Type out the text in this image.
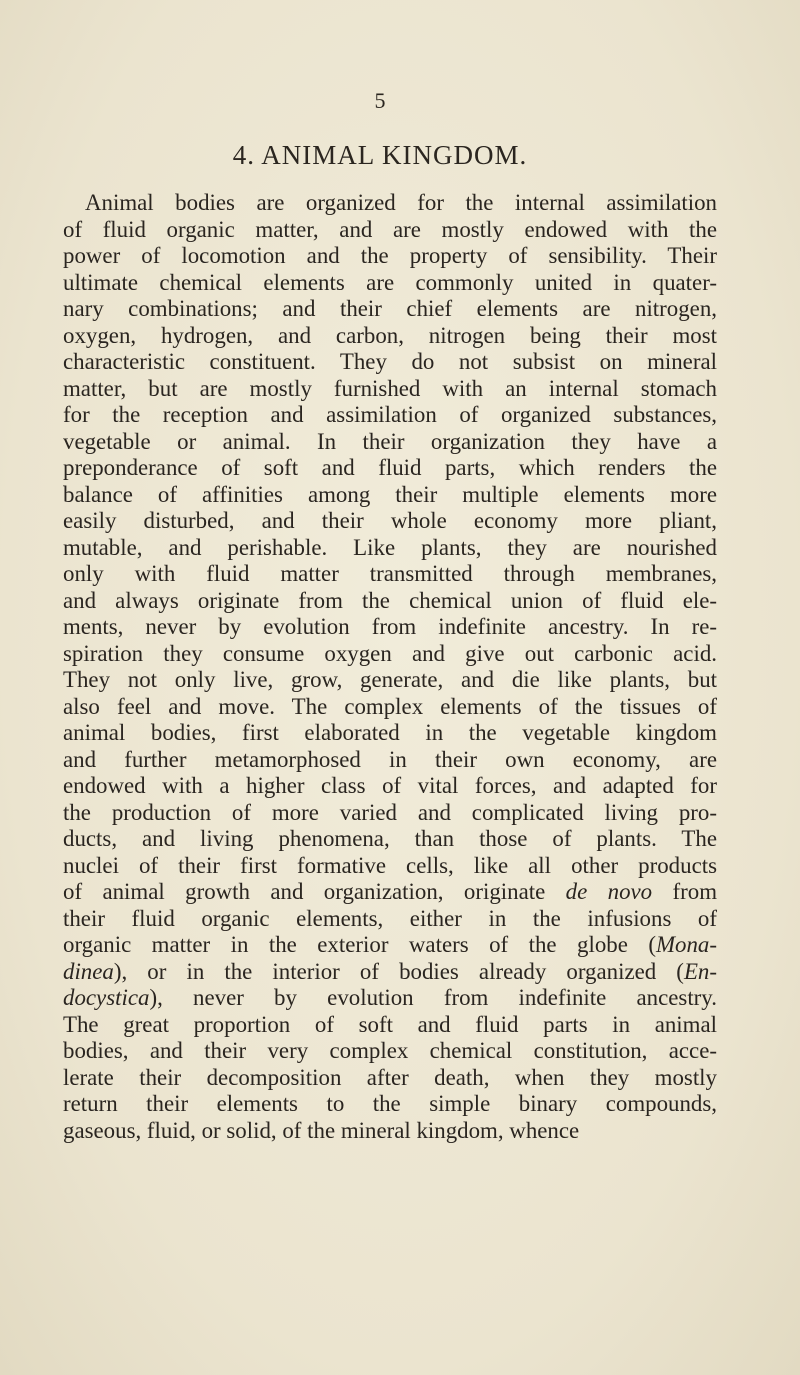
5
4. ANIMAL KINGDOM.
Animal bodies are organized for the internal assimilation
of fluid organic matter, and are mostly endowed with the
power of locomotion and the property of sensibility. Their
ultimate chemical elements are commonly united in quater-
nary combinations; and their chief elements are nitrogen,
oxygen, hydrogen, and carbon, nitrogen being their most
characteristic constituent. They do not subsist on mineral
matter, but are mostly furnished with an internal stomach
for the reception and assimilation of organized substances,
vegetable or animal. In their organization they have a
preponderance of soft and fluid parts, which renders the
balance of affinities among their multiple elements more
easily disturbed, and their whole economy more pliant,
mutable, and perishable. Like plants, they are nourished
only with fluid matter transmitted through membranes,
and always originate from the chemical union of fluid ele-
ments, never by evolution from indefinite ancestry. In re-
spiration they consume oxygen and give out carbonic acid.
They not only live, grow, generate, and die like plants, but
also feel and move. The complex elements of the tissues of
animal bodies, first elaborated in the vegetable kingdom
and further metamorphosed in their own economy, are
endowed with a higher class of vital forces, and adapted for
the production of more varied and complicated living pro-
ducts, and living phenomena, than those of plants. The
nuclei of their first formative cells, like all other products
of animal growth and organization, originate de novo from
their fluid organic elements, either in the infusions of
organic matter in the exterior waters of the globe (Mona-
dinea), or in the interior of bodies already organized (En-
docystica), never by evolution from indefinite ancestry.
The great proportion of soft and fluid parts in animal
bodies, and their very complex chemical constitution, acce-
lerate their decomposition after death, when they mostly
return their elements to the simple binary compounds,
gaseous, fluid, or solid, of the mineral kingdom, whence
